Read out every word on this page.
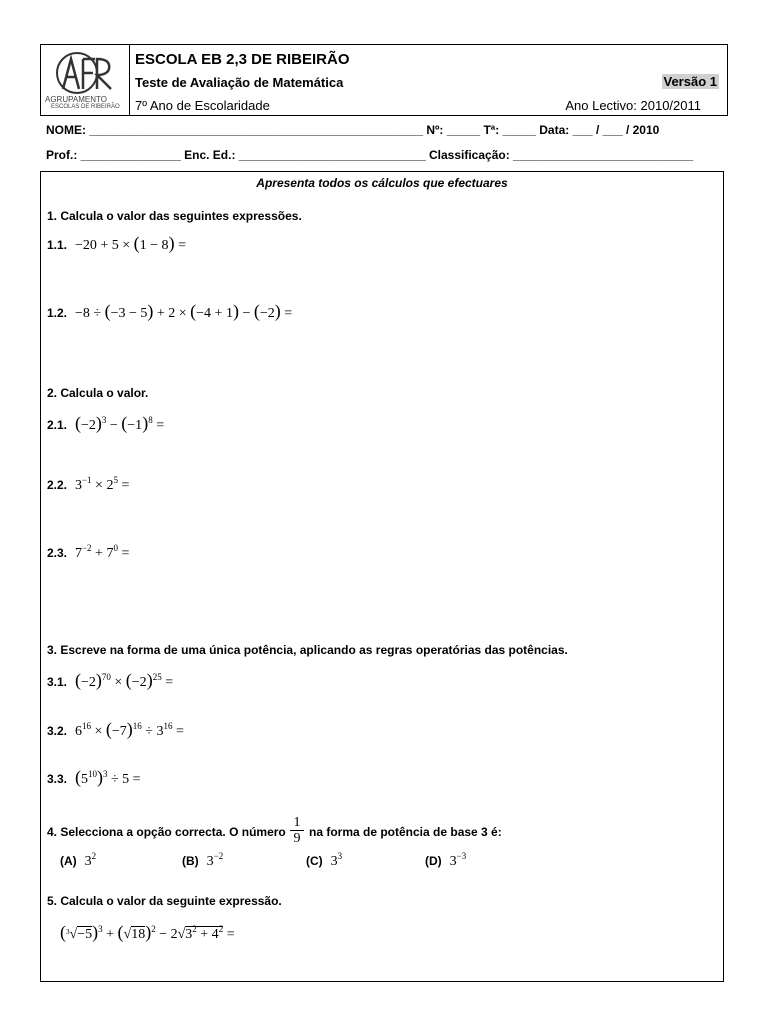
AGRUPAMENTO
ESCOLAS DE RIBEIRÃO
ESCOLA EB 2,3 DE RIBEIRÃO
Teste de Avaliação de Matemática	Versão 1
7º Ano de Escolaridade	Ano Lectivo: 2010/2011
NOME: __________________________________________________ Nº: _____ Tª: _____ Data: ___ / ___ / 2010
Prof.: _______________ Enc. Ed.: ____________________________ Classificação: ___________________________
Apresenta todos os cálculos que efectuares
1. Calcula o valor das seguintes expressões.
1.1.  −20 + 5 × (1 − 8) =
1.2.  −8 ÷ (−3 − 5) + 2 × (−4 + 1) − (−2) =
2. Calcula o valor.
2.1. $(-2)^3 - (-1)^8$ =
2.2.  $3^{-1} \times 2^5$ =
2.3.  $7^{-2} + 7^0$ =
3. Escreve na forma de uma única potência, aplicando as regras operatórias das potências.
3.1. $(-2)^{70} \times (-2)^{25}$ =
3.2.  $6^{16} \times (-7)^{16} \div 3^{16}$ =
3.3. $(5^{10})^3 \div 5$ =
4. Selecciona a opção correcta. O número $\frac{1}{9}$ na forma de potência de base 3 é:
(A) $3^2$	(B) $3^{-2}$	(C) $3^3$	(D) $3^{-3}$
5. Calcula o valor da seguinte expressão.
$(^3√-5)^3 + (√18)^2 - 2√3^2 + 4^2$ =
